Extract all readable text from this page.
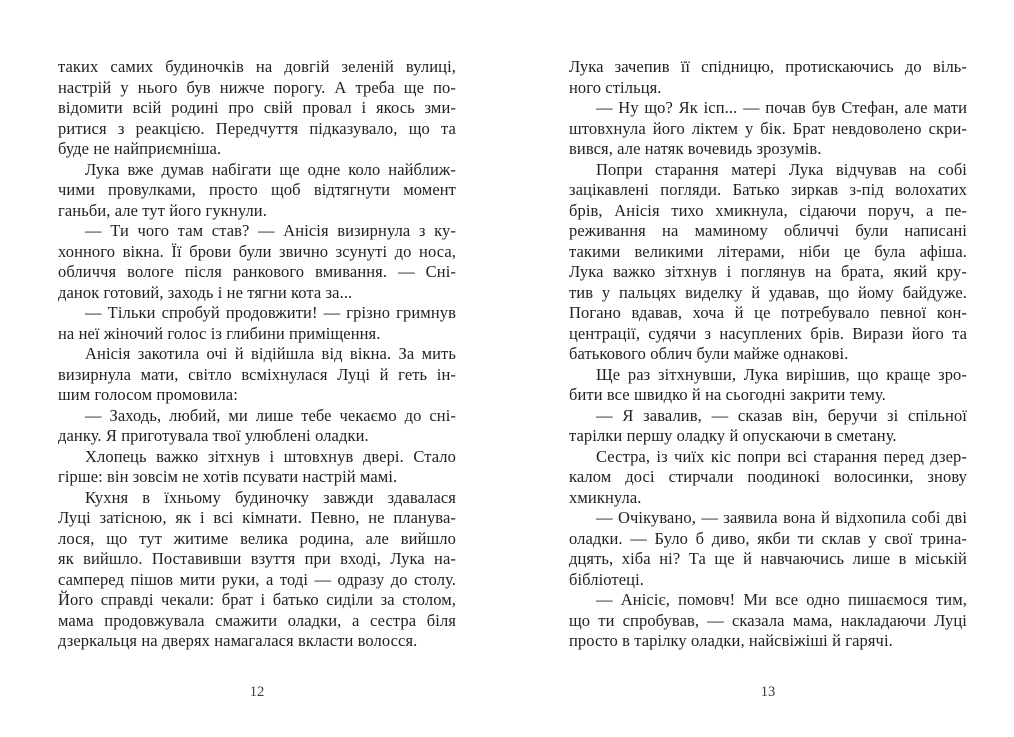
таких самих будиночків на довгій зеленій вулиці,
настрій у нього був нижче порогу. А треба ще по-
відомити всій родині про свій провал і якось зми-
ритися з реакцією. Передчуття підказувало, що та
буде не найприємніша.
Лука вже думав набігати ще одне коло найближ-
чими провулками, просто щоб відтягнути момент
ганьби, але тут його гукнули.
— Ти чого там став? — Анісія визирнула з ку-
хонного вікна. Її брови були звично зсунуті до носа,
обличчя вологе після ранкового вмивання. — Сні-
данок готовий, заходь і не тягни кота за...
— Тільки спробуй продовжити! — грізно гримнув
на неї жіночий голос із глибини приміщення.
Анісія закотила очі й відійшла від вікна. За мить
визирнула мати, світло всміхнулася Луці й геть ін-
шим голосом промовила:
— Заходь, любий, ми лише тебе чекаємо до сні-
данку. Я приготувала твої улюблені оладки.
Хлопець важко зітхнув і штовхнув двері. Стало
гірше: він зовсім не хотів псувати настрій мамі.
Кухня в їхньому будиночку завжди здавалася
Луці затісною, як і всі кімнати. Певно, не планува-
лося, що тут житиме велика родина, але вийшло
як вийшло. Поставивши взуття при вході, Лука на-
самперед пішов мити руки, а тоді — одразу до столу.
Його справді чекали: брат і батько сиділи за столом,
мама продовжувала смажити оладки, а сестра біля
дзеркальця на дверях намагалася вкласти волосся.
Лука зачепив її спідницю, протискаючись до віль-
ного стільця.
— Ну що? Як ісп... — почав був Стефан, але мати
штовхнула його ліктем у бік. Брат невдоволено скри-
вився, але натяк вочевидь зрозумів.
Попри старання матері Лука відчував на собі
зацікавлені погляди. Батько зиркав з-під волохатих
брів, Анісія тихо хмикнула, сідаючи поруч, а пе-
реживання на маминому обличчі були написані
такими великими літерами, ніби це була афіша.
Лука важко зітхнув і поглянув на брата, який кру-
тив у пальцях виделку й удавав, що йому байдуже.
Погано вдавав, хоча й це потребувало певної кон-
центрації, судячи з насуплених брів. Вирази його та
батькового облич були майже однакові.
Ще раз зітхнувши, Лука вирішив, що краще зро-
бити все швидко й на сьогодні закрити тему.
— Я завалив, — сказав він, беручи зі спільної
тарілки першу оладку й опускаючи в сметану.
Сестра, із чиїх кіс попри всі старання перед дзер-
калом досі стирчали поодинокі волосинки, знову
хмикнула.
— Очікувано, — заявила вона й відхопила собі дві
оладки. — Було б диво, якби ти склав у свої трина-
дцять, хіба ні? Та ще й навчаючись лише в міській
бібліотеці.
— Анісіє, помовч! Ми все одно пишаємося тим,
що ти спробував, — сказала мама, накладаючи Луці
просто в тарілку оладки, найсвіжіші й гарячі.
12	13
